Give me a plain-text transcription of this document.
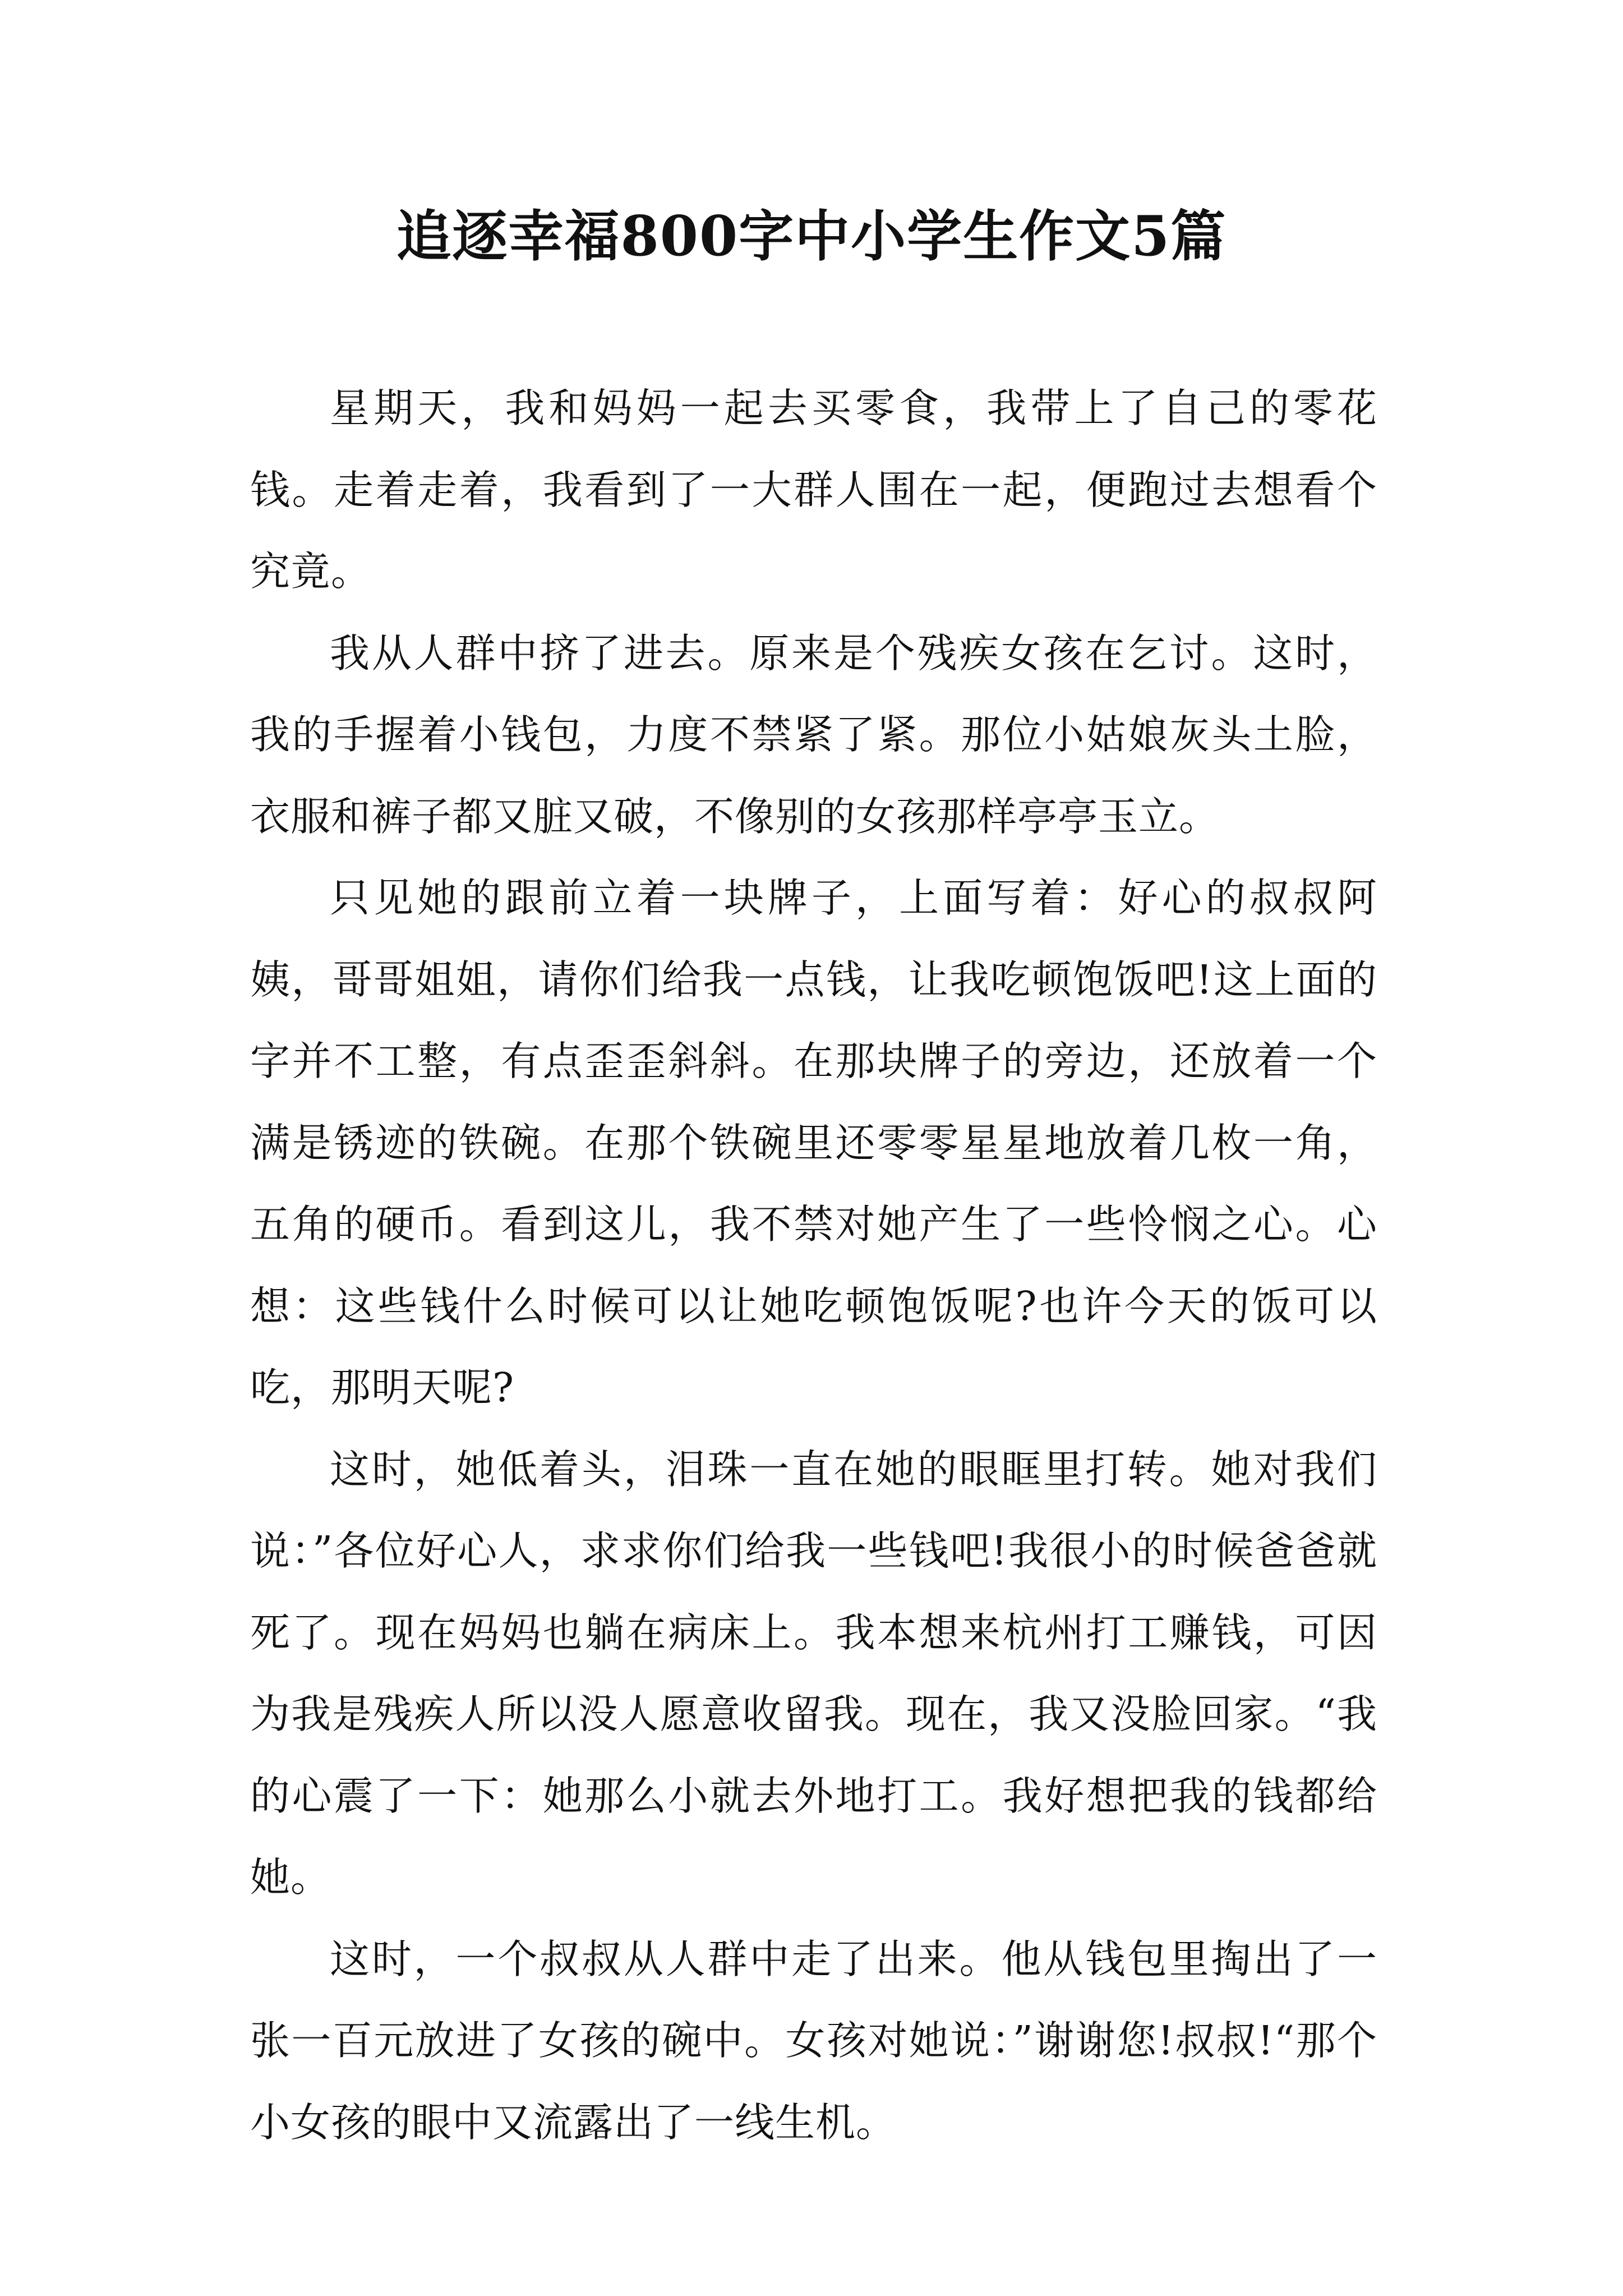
追逐幸福800字中小学生作文5篇

星期天，我和妈妈一起去买零食，我带上了自己的零花钱。走着走着，我看到了一大群人围在一起，便跑过去想看个究竟。

我从人群中挤了进去。原来是个残疾女孩在乞讨。这时，我的手握着小钱包，力度不禁紧了紧。那位小姑娘灰头土脸，衣服和裤子都又脏又破，不像别的女孩那样亭亭玉立。

只见她的跟前立着一块牌子，上面写着：好心的叔叔阿姨，哥哥姐姐，请你们给我一点钱，让我吃顿饱饭吧!这上面的字并不工整，有点歪歪斜斜。在那块牌子的旁边，还放着一个满是锈迹的铁碗。在那个铁碗里还零零星星地放着几枚一角，五角的硬币。看到这儿，我不禁对她产生了一些怜悯之心。心想：这些钱什么时候可以让她吃顿饱饭呢?也许今天的饭可以吃，那明天呢?

这时，她低着头，泪珠一直在她的眼眶里打转。她对我们说：”各位好心人，求求你们给我一些钱吧!我很小的时候爸爸就死了。现在妈妈也躺在病床上。我本想来杭州打工赚钱，可因为我是残疾人所以没人愿意收留我。现在，我又没脸回家。“我的心震了一下：她那么小就去外地打工。我好想把我的钱都给她。

这时，一个叔叔从人群中走了出来。他从钱包里掏出了一张一百元放进了女孩的碗中。女孩对她说：”谢谢您!叔叔!“那个小女孩的眼中又流露出了一线生机。
